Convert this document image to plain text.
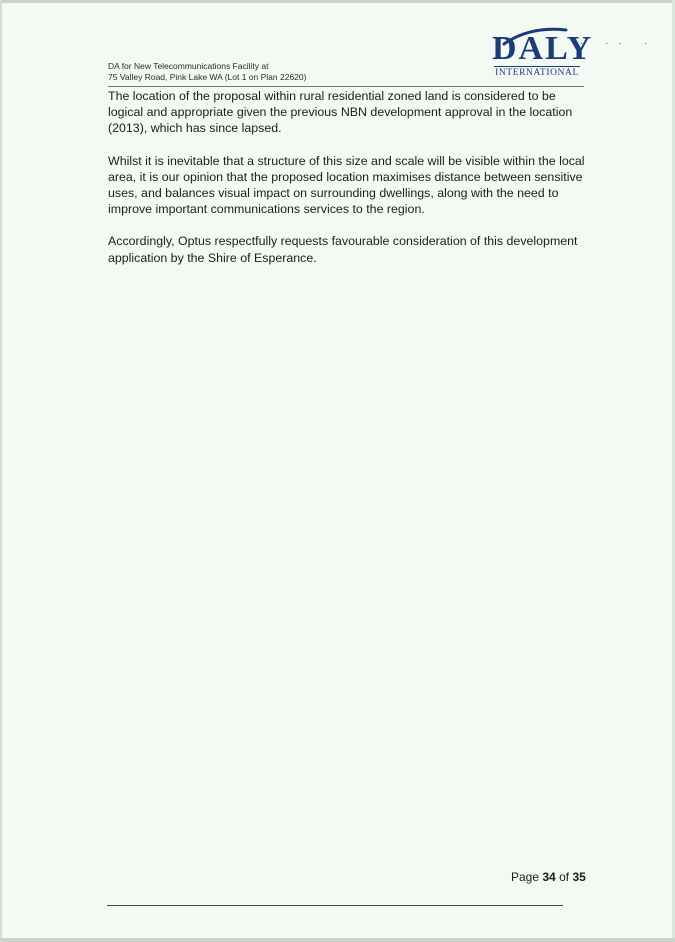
· ·· ·
DA for New Telecommunications Facility at
75 Valley Road, Pink Lake WA (Lot 1 on Plan 22620)
DALY
INTERNATIONAL

The location of the proposal within rural residential zoned land is considered to be logical and appropriate given the previous NBN development approval in the location (2013), which has since lapsed.

Whilst it is inevitable that a structure of this size and scale will be visible within the local area, it is our opinion that the proposed location maximises distance between sensitive uses, and balances visual impact on surrounding dwellings, along with the need to improve important communications services to the region.

Accordingly, Optus respectfully requests favourable consideration of this development application by the Shire of Esperance.

Page 34 of 35
